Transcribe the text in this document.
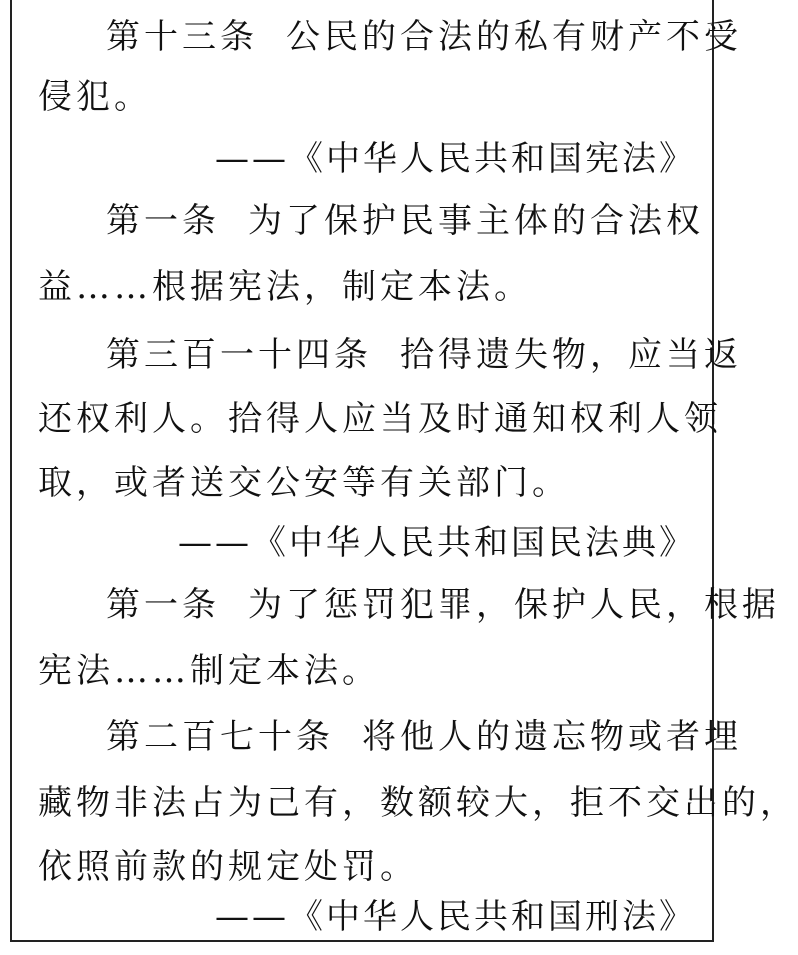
第十三条 公民的合法的私有财产不受
侵犯。
——《中华人民共和国宪法》
第一条 为了保护民事主体的合法权
益……根据宪法，制定本法。
第三百一十四条 拾得遗失物，应当返
还权利人。拾得人应当及时通知权利人领
取，或者送交公安等有关部门。
——《中华人民共和国民法典》
第一条 为了惩罚犯罪，保护人民，根据
宪法……制定本法。
第二百七十条 将他人的遗忘物或者埋
藏物非法占为己有，数额较大，拒不交出的，
依照前款的规定处罚。
——《中华人民共和国刑法》
